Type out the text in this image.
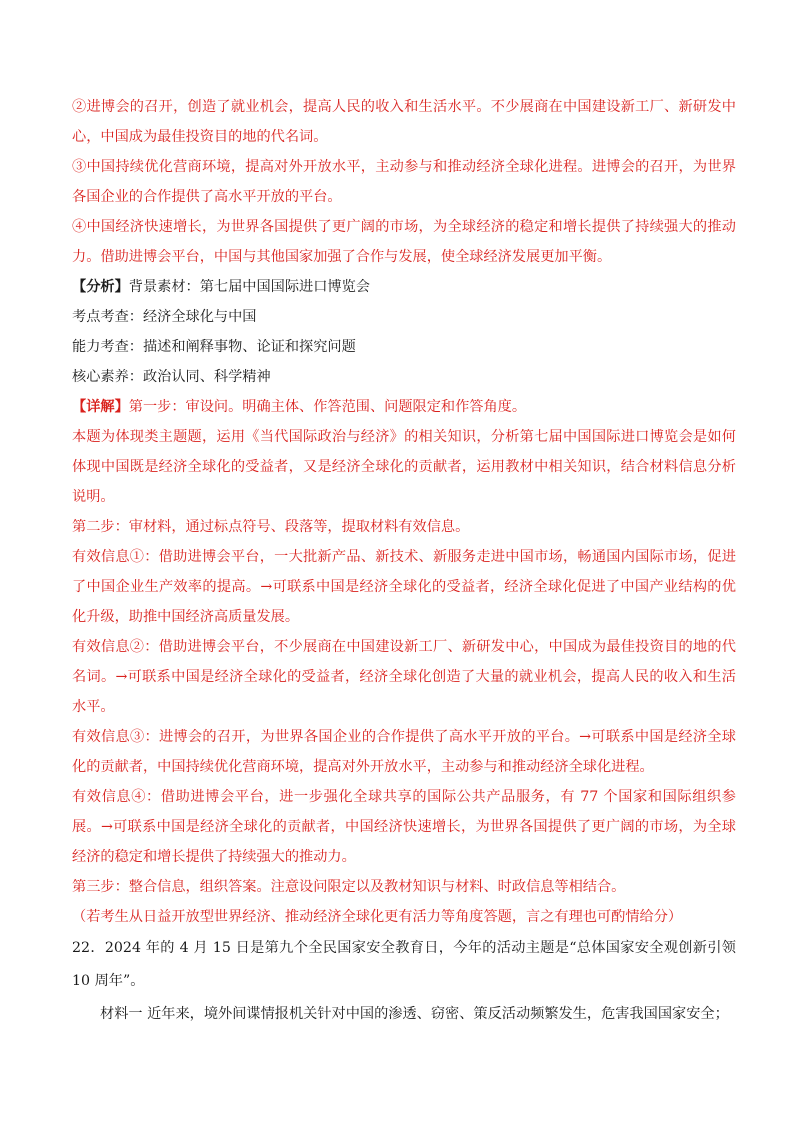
②进博会的召开，创造了就业机会，提高人民的收入和生活水平。不少展商在中国建设新工厂、新研发中心，中国成为最佳投资目的地的代名词。

③中国持续优化营商环境，提高对外开放水平，主动参与和推动经济全球化进程。进博会的召开，为世界各国企业的合作提供了高水平开放的平台。

④中国经济快速增长，为世界各国提供了更广阔的市场，为全球经济的稳定和增长提供了持续强大的推动力。借助进博会平台，中国与其他国家加强了合作与发展，使全球经济发展更加平衡。

【分析】背景素材：第七届中国国际进口博览会

考点考查：经济全球化与中国

能力考查：描述和阐释事物、论证和探究问题

核心素养：政治认同、科学精神

【详解】第一步：审设问。明确主体、作答范围、问题限定和作答角度。

本题为体现类主题题，运用《当代国际政治与经济》的相关知识，分析第七届中国国际进口博览会是如何体现中国既是经济全球化的受益者，又是经济全球化的贡献者，运用教材中相关知识，结合材料信息分析说明。

第二步：审材料，通过标点符号、段落等，提取材料有效信息。

有效信息①：借助进博会平台，一大批新产品、新技术、新服务走进中国市场，畅通国内国际市场，促进了中国企业生产效率的提高。→可联系中国是经济全球化的受益者，经济全球化促进了中国产业结构的优化升级，助推中国经济高质量发展。

有效信息②：借助进博会平台，不少展商在中国建设新工厂、新研发中心，中国成为最佳投资目的地的代名词。→可联系中国是经济全球化的受益者，经济全球化创造了大量的就业机会，提高人民的收入和生活水平。

有效信息③：进博会的召开，为世界各国企业的合作提供了高水平开放的平台。→可联系中国是经济全球化的贡献者，中国持续优化营商环境，提高对外开放水平，主动参与和推动经济全球化进程。

有效信息④：借助进博会平台，进一步强化全球共享的国际公共产品服务，有 77 个国家和国际组织参展。→可联系中国是经济全球化的贡献者，中国经济快速增长，为世界各国提供了更广阔的市场，为全球经济的稳定和增长提供了持续强大的推动力。

第三步：整合信息，组织答案。注意设问限定以及教材知识与材料、时政信息等相结合。

（若考生从日益开放型世界经济、推动经济全球化更有活力等角度答题，言之有理也可酌情给分）

22．2024 年的 4 月 15 日是第九个全民国家安全教育日，今年的活动主题是“总体国家安全观创新引领 10 周年”。

材料一 近年来，境外间谍情报机关针对中国的渗透、窃密、策反活动频繁发生，危害我国国家安全；
